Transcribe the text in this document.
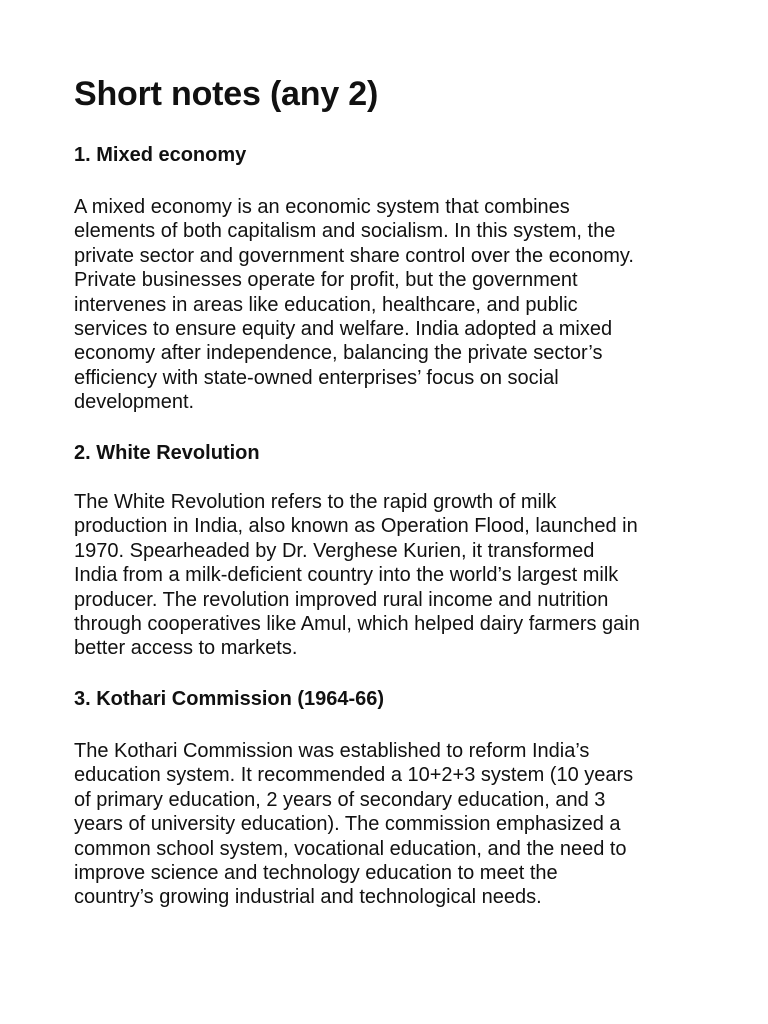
Short notes (any 2)
1. Mixed economy

A mixed economy is an economic system that combines
elements of both capitalism and socialism. In this system, the
private sector and government share control over the economy.
Private businesses operate for profit, but the government
intervenes in areas like education, healthcare, and public
services to ensure equity and welfare. India adopted a mixed
economy after independence, balancing the private sector’s
efficiency with state-owned enterprises’ focus on social
development.

2. White Revolution

The White Revolution refers to the rapid growth of milk
production in India, also known as Operation Flood, launched in
1970. Spearheaded by Dr. Verghese Kurien, it transformed
India from a milk-deficient country into the world’s largest milk
producer. The revolution improved rural income and nutrition
through cooperatives like Amul, which helped dairy farmers gain
better access to markets.

3. Kothari Commission (1964-66)

The Kothari Commission was established to reform India’s
education system. It recommended a 10+2+3 system (10 years
of primary education, 2 years of secondary education, and 3
years of university education). The commission emphasized a
common school system, vocational education, and the need to
improve science and technology education to meet the
country’s growing industrial and technological needs.
